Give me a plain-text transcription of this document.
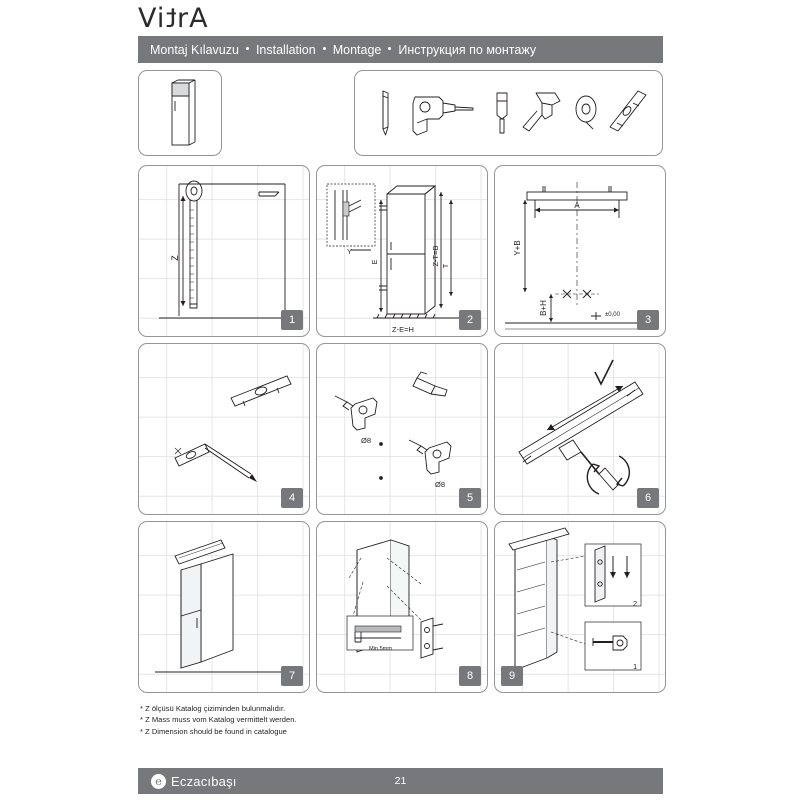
VitrA
Montaj Kılavuzu Installation Montage Инструкция по монтажу
Z
1
Y
E
T
Z-T=B
Z-E=H
2
A
Y+B
B+H	±0,00	3
4
Ø8
Ø8
5	6
7
Min.5mm
8
2
1
9
* Z ölçüsü Katalog çiziminden bulunmalıdır.
* Z Mass muss vom Katalog vermittelt werden.
* Z Dimension should be found in catalogue
e Eczacıbaşı	21
